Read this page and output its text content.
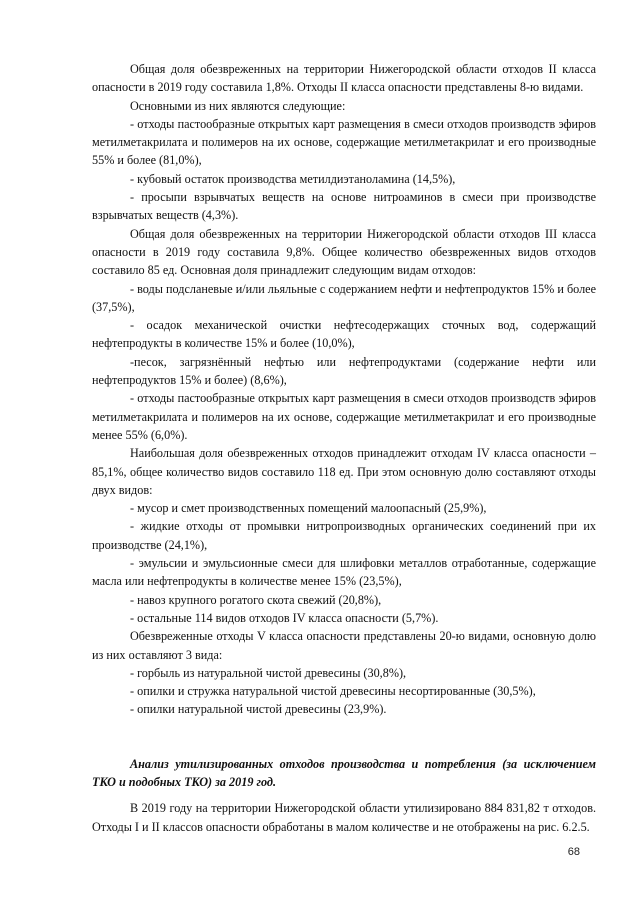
Общая доля обезвреженных на территории Нижегородской области отходов II класса опасности в 2019 году составила 1,8%. Отходы II класса опасности представлены 8-ю видами.

Основными из них являются следующие:

- отходы пастообразные открытых карт размещения в смеси отходов производств эфиров метилметакрилата и полимеров на их основе, содержащие метилметакрилат и его производные 55% и более (81,0%),

- кубовый остаток производства метилдиэтаноламина (14,5%),

- просыпи взрывчатых веществ на основе нитроаминов в смеси при производстве взрывчатых веществ (4,3%).

Общая доля обезвреженных на территории Нижегородской области отходов III класса опасности в 2019 году составила 9,8%. Общее количество обезвреженных видов отходов составило 85 ед. Основная доля принадлежит следующим видам отходов:

- воды подсланевые и/или льяльные с содержанием нефти и нефтепродуктов 15% и более (37,5%),

- осадок механической очистки нефтесодержащих сточных вод, содержащий нефтепродукты в количестве 15% и более (10,0%),

-песок, загрязнённый нефтью или нефтепродуктами (содержание нефти или нефтепродуктов 15% и более) (8,6%),

- отходы пастообразные открытых карт размещения в смеси отходов производств эфиров метилметакрилата и полимеров на их основе, содержащие метилметакрилат и его производные менее 55% (6,0%).

Наибольшая доля обезвреженных отходов принадлежит отходам IV класса опасности – 85,1%, общее количество видов составило 118 ед. При этом основную долю составляют отходы двух видов:

- мусор и смет производственных помещений малоопасный (25,9%),

- жидкие отходы от промывки нитропроизводных органических соединений при их производстве (24,1%),

- эмульсии и эмульсионные смеси для шлифовки металлов отработанные, содержащие масла или нефтепродукты в количестве менее 15% (23,5%),

- навоз крупного рогатого скота свежий (20,8%),

- остальные 114 видов отходов IV класса опасности (5,7%).

Обезвреженные отходы V класса опасности представлены 20-ю видами, основную долю из них оставляют 3 вида:

- горбыль из натуральной чистой древесины (30,8%),

- опилки и стружка натуральной чистой древесины несортированные (30,5%),

- опилки натуральной чистой древесины (23,9%).

Анализ утилизированных отходов производства и потребления (за исключением ТКО и подобных ТКО) за 2019 год.

В 2019 году на территории Нижегородской области утилизировано 884 831,82 т отходов. Отходы I и II классов опасности обработаны в малом количестве и не отображены на рис. 6.2.5.

68
